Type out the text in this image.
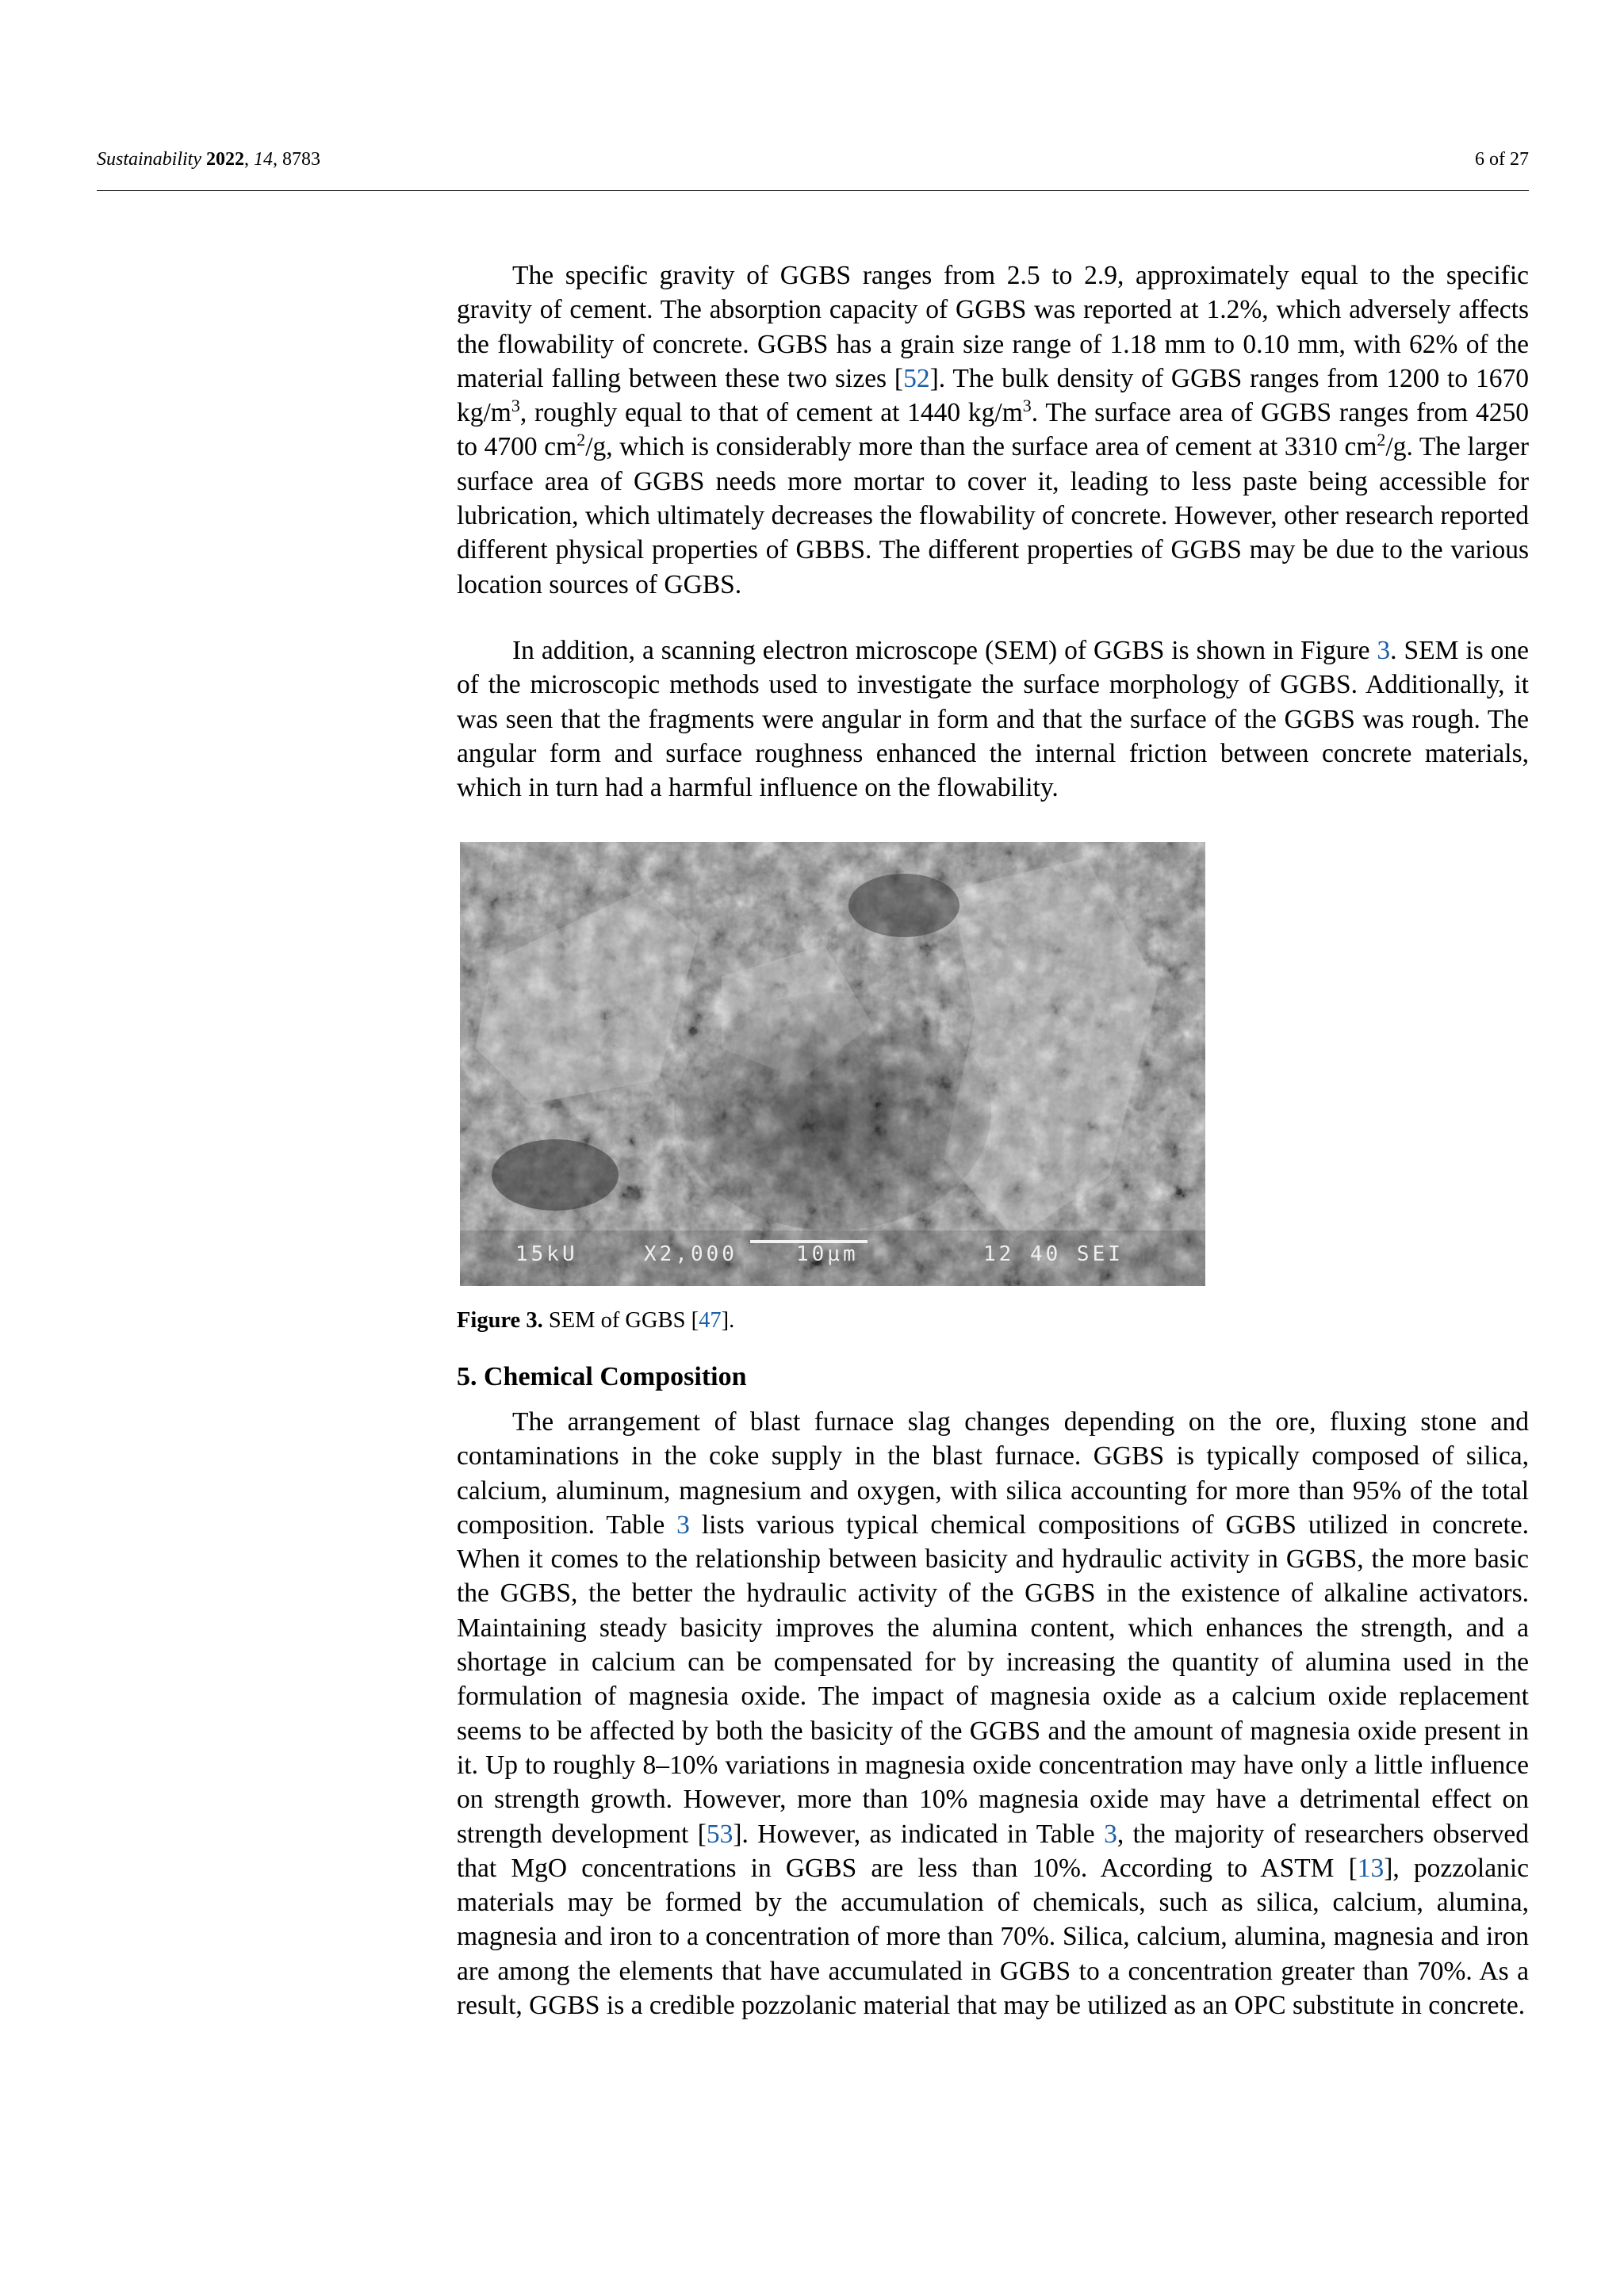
Sustainability 2022, 14, 8783	6 of 27

The specific gravity of GGBS ranges from 2.5 to 2.9, approximately equal to the specific gravity of cement. The absorption capacity of GGBS was reported at 1.2%, which adversely affects the flowability of concrete. GGBS has a grain size range of 1.18 mm to 0.10 mm, with 62% of the material falling between these two sizes [52]. The bulk density of GGBS ranges from 1200 to 1670 $kg/m^3$, roughly equal to that of cement at 1440 $kg/m^3$. The surface area of GGBS ranges from 4250 to 4700 $cm^2/g$, which is considerably more than the surface area of cement at 3310 $cm^2/g$. The larger surface area of GGBS needs more mortar to cover it, leading to less paste being accessible for lubrication, which ultimately decreases the flowability of concrete. However, other research reported different physical properties of GBBS. The different properties of GGBS may be due to the various location sources of GGBS.

In addition, a scanning electron microscope (SEM) of GGBS is shown in Figure 3. SEM is one of the microscopic methods used to investigate the surface morphology of GGBS. Additionally, it was seen that the fragments were angular in form and that the surface of the GGBS was rough. The angular form and surface roughness enhanced the internal friction between concrete materials, which in turn had a harmful influence on the flowability.

15kU	X2,000	10μm	12 40 SEI
Figure 3. SEM of GGBS [47].
5. Chemical Composition

The arrangement of blast furnace slag changes depending on the ore, fluxing stone and contaminations in the coke supply in the blast furnace. GGBS is typically composed of silica, calcium, aluminum, magnesium and oxygen, with silica accounting for more than 95% of the total composition. Table 3 lists various typical chemical compositions of GGBS utilized in concrete. When it comes to the relationship between basicity and hydraulic activity in GGBS, the more basic the GGBS, the better the hydraulic activity of the GGBS in the existence of alkaline activators. Maintaining steady basicity improves the alumina content, which enhances the strength, and a shortage in calcium can be compensated for by increasing the quantity of alumina used in the formulation of magnesia oxide. The impact of magnesia oxide as a calcium oxide replacement seems to be affected by both the basicity of the GGBS and the amount of magnesia oxide present in it. Up to roughly 8–10% variations in magnesia oxide concentration may have only a little influence on strength growth. However, more than 10% magnesia oxide may have a detrimental effect on strength development [53]. However, as indicated in Table 3, the majority of researchers observed that MgO concentrations in GGBS are less than 10%. According to ASTM [13], pozzolanic materials may be formed by the accumulation of chemicals, such as silica, calcium, alumina, magnesia and iron to a concentration of more than 70%. Silica, calcium, alumina, magnesia and iron are among the elements that have accumulated in GGBS to a concentration greater than 70%. As a result, GGBS is a credible pozzolanic material that may be utilized as an OPC substitute in concrete.
